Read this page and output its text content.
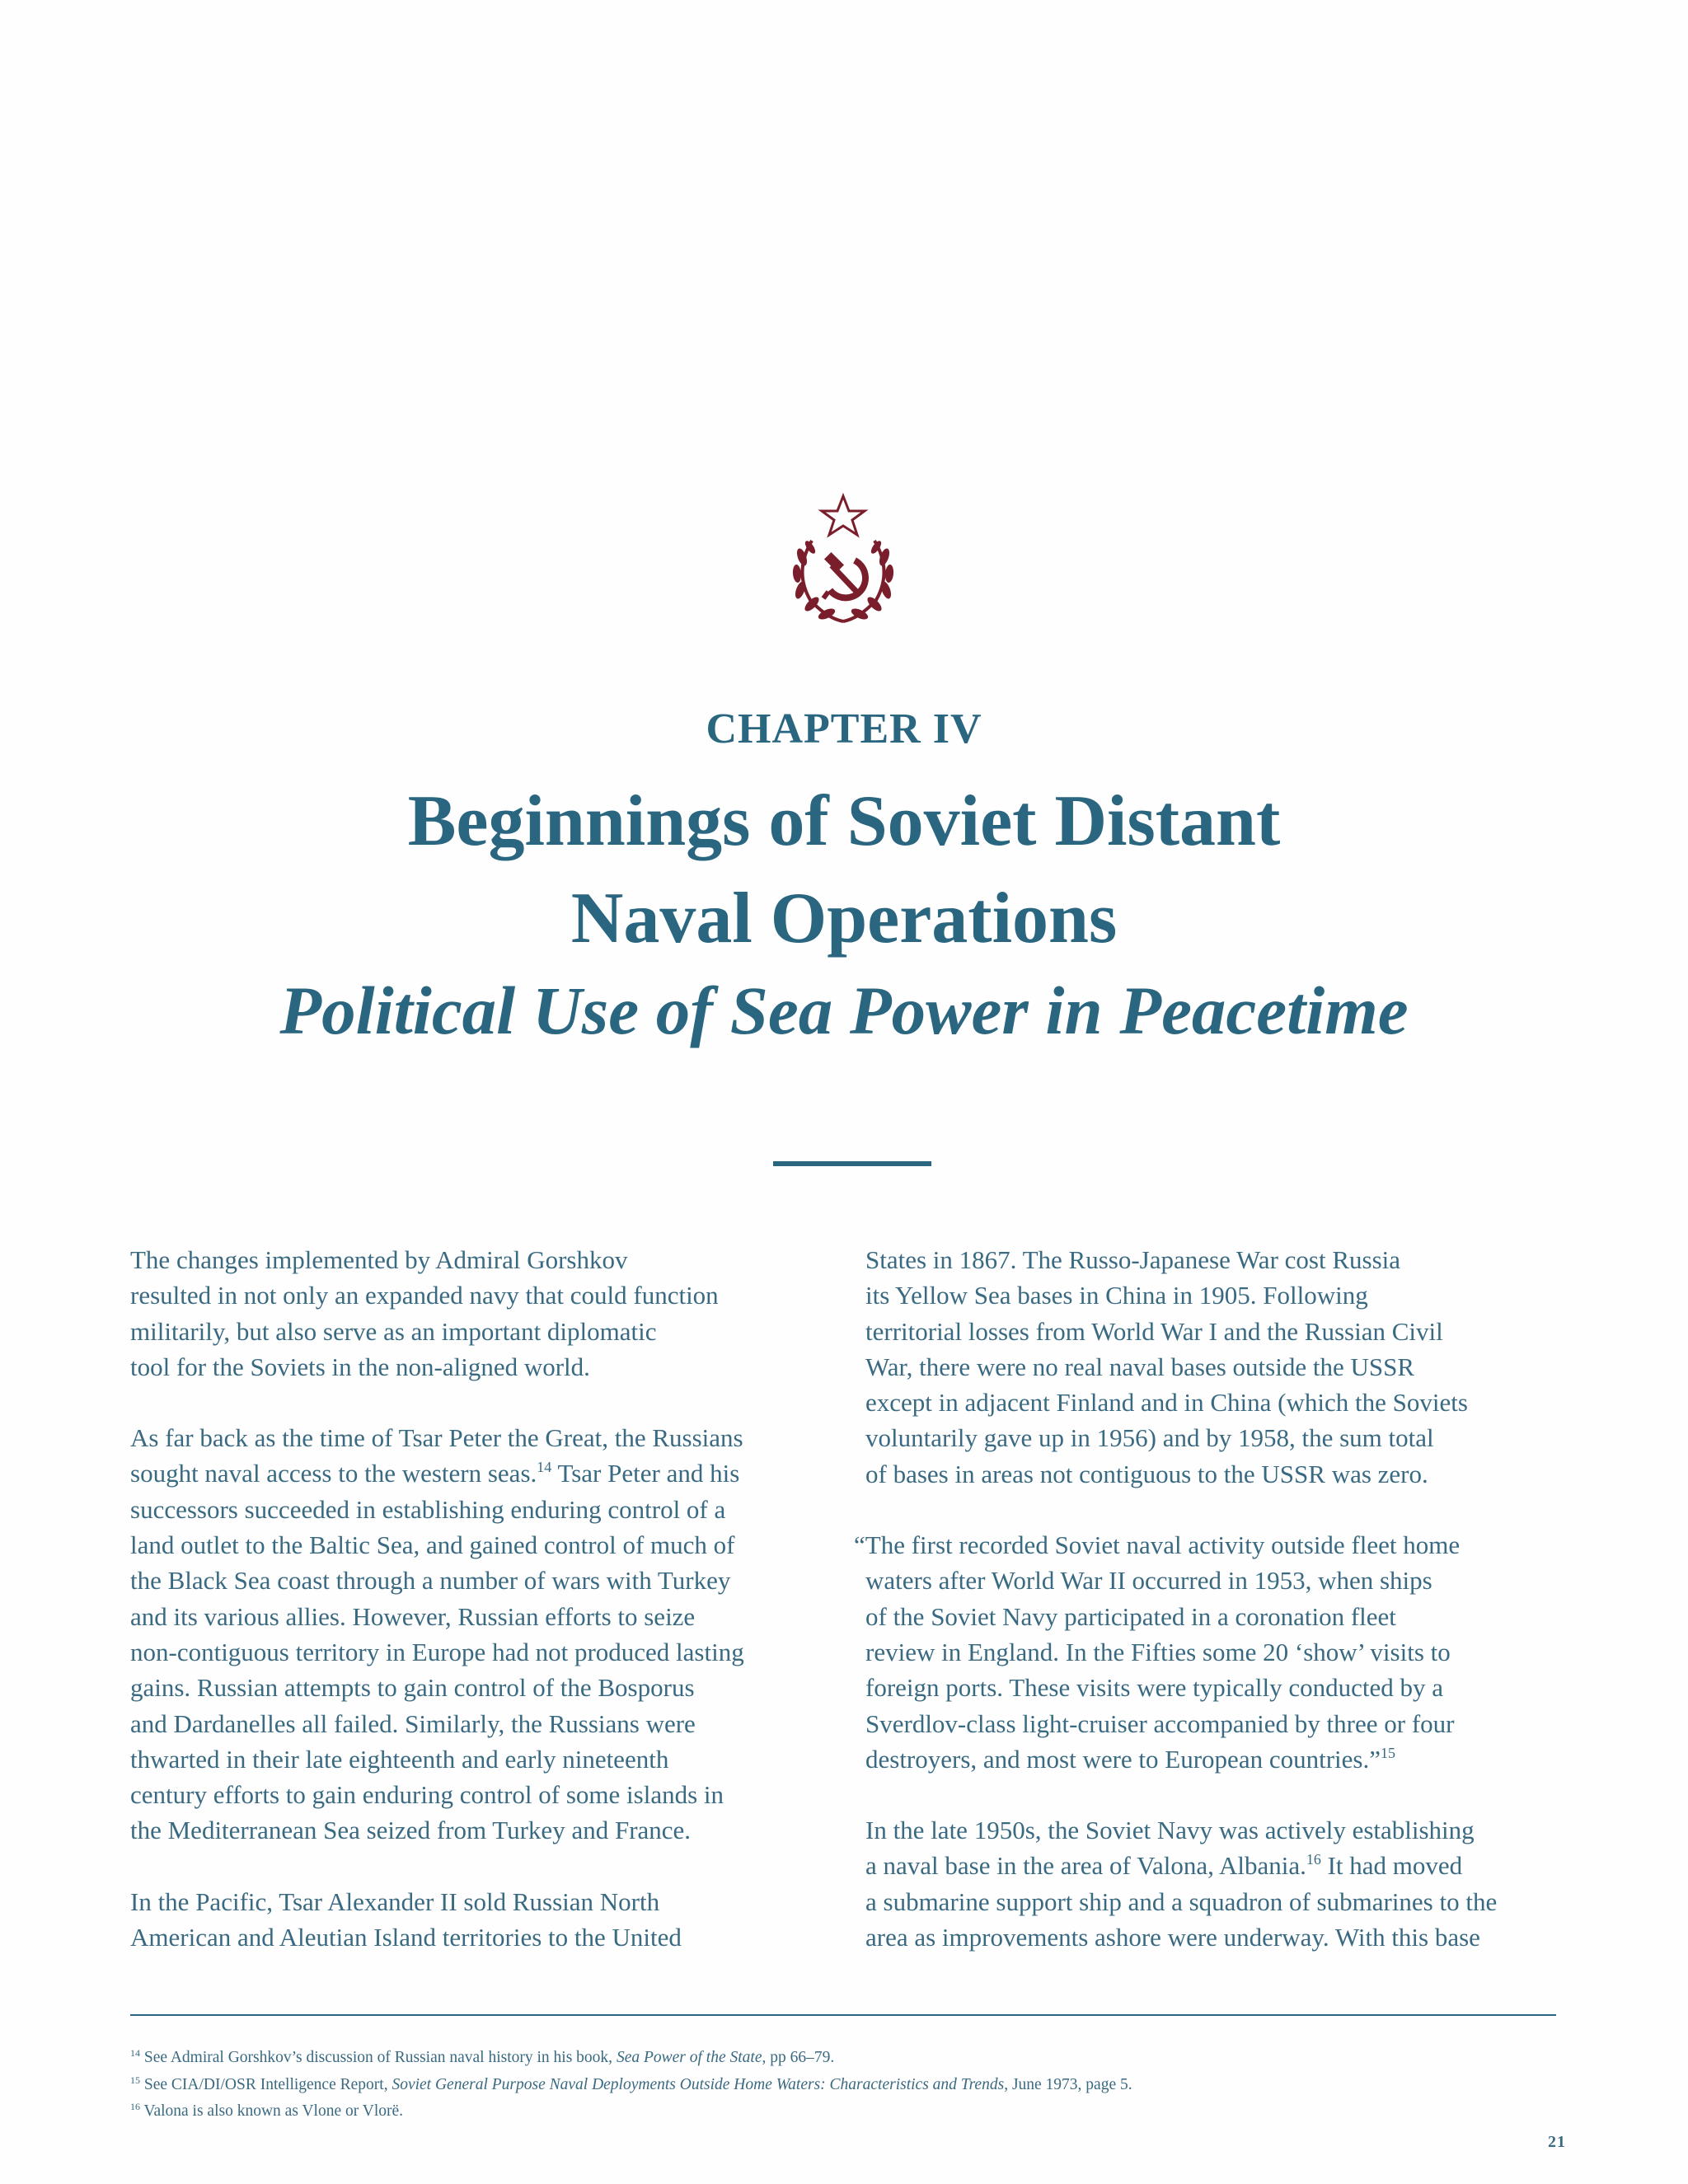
CHAPTER IV
Beginnings of Soviet Distant
Naval Operations
Political Use of Sea Power in Peacetime

The changes implemented by Admiral Gorshkov
resulted in not only an expanded navy that could function
militarily, but also serve as an important diplomatic
tool for the Soviets in the non-aligned world.

As far back as the time of Tsar Peter the Great, the Russians
sought naval access to the western seas.$^{14}$ Tsar Peter and his
successors succeeded in establishing enduring control of a
land outlet to the Baltic Sea, and gained control of much of
the Black Sea coast through a number of wars with Turkey
and its various allies. However, Russian efforts to seize
non-contiguous territory in Europe had not produced lasting
gains. Russian attempts to gain control of the Bosporus
and Dardanelles all failed. Similarly, the Russians were
thwarted in their late eighteenth and early nineteenth
century efforts to gain enduring control of some islands in
the Mediterranean Sea seized from Turkey and France.

In the Pacific, Tsar Alexander II sold Russian North
American and Aleutian Island territories to the United

States in 1867. The Russo-Japanese War cost Russia
its Yellow Sea bases in China in 1905. Following
territorial losses from World War I and the Russian Civil
War, there were no real naval bases outside the USSR
except in adjacent Finland and in China (which the Soviets
voluntarily gave up in 1956) and by 1958, the sum total
of bases in areas not contiguous to the USSR was zero.

“The first recorded Soviet naval activity outside fleet home
waters after World War II occurred in 1953, when ships
of the Soviet Navy participated in a coronation fleet
review in England. In the Fifties some 20 ‘show’ visits to
foreign ports. These visits were typically conducted by a
Sverdlov-class light-cruiser accompanied by three or four
destroyers, and most were to European countries.”$^{15}$

In the late 1950s, the Soviet Navy was actively establishing
a naval base in the area of Valona, Albania.$^{16}$ It had moved
a submarine support ship and a squadron of submarines to the
area as improvements ashore were underway. With this base

$^{14}$ See Admiral Gorshkov’s discussion of Russian naval history in his book, Sea Power of the State, pp 66–79.
$^{15}$ See CIA/DI/OSR Intelligence Report, Soviet General Purpose Naval Deployments Outside Home Waters: Characteristics and Trends, June 1973, page 5.
$^{16}$ Valona is also known as Vlone or Vlorë.
21
